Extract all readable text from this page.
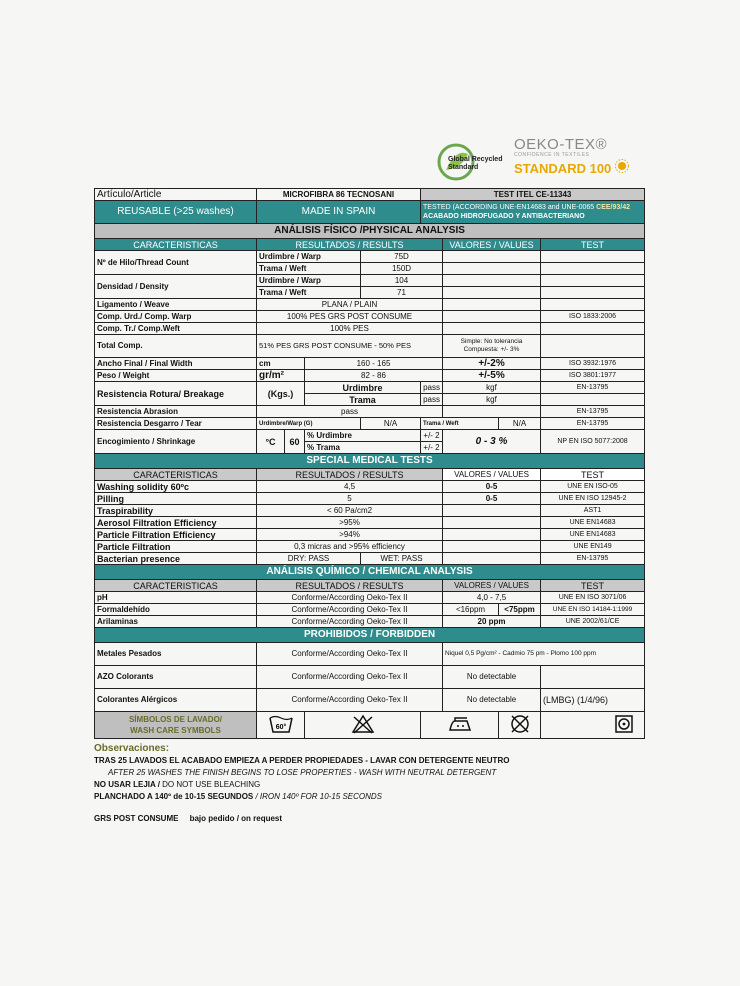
Global Recycled
Standard
OEKO-TEX®
CONFIDENCE IN TEXTILES
STANDARD 100
Artículo/Article	MICROFIBRA 86 TECNOSANI				TEST ITEL CE-11343			
REUSABLE (>25 washes)	MADE IN SPAIN				TESTED (ACCORDING UNE-EN14683 and UNE-0065 CEE/93/42
ACABADO HIDROFUGADO Y ANTIBACTERIANO			
ANÁLISIS FÍSICO /PHYSICAL ANALYSIS								
CARACTERISTICAS	RESULTADOS / RESULTS					VALORES / VALUES		TEST
Nº de Hilo/Thread Count	Urdimbre / Warp			75D				
	Trama / Weft			150D				
Densidad / Density	Urdimbre / Warp			104				
	Trama / Weft			71				
Ligamento / Weave	PLANA / PLAIN							
Comp. Urd./ Comp. Warp	100% PES GRS POST CONSUME							ISO 1833:2006
Comp. Tr./ Comp.Weft	100% PES							
Total Comp.	51% PES GRS POST CONSUME - 50% PES					Simple: No tolerancia
Compuesta: +/- 3%		
Ancho Final / Final Width	cm		160 - 165			+/-2%		ISO 3932:1976
Peso / Weight	gr/m²		82 - 86			+/-5%		ISO 3801:1977
Resistencia Rotura/ Breakage	(Kgs.)		Urdimbre		pass	kgf		EN-13795
			Trama		pass	kgf		
Resistencia Abrasion	pass							EN-13795
Resistencia Desgarro / Tear	Urdimbre/Warp (G)			N/A	Trama / Weft		N/A	EN-13795
Encogimiento / Shrinkage	°C	60	% Urdimbre		+/- 2	0 - 3 %		NP EN ISO 5077:2008
			% Trama		+/- 2			
SPECIAL MEDICAL TESTS								
CARACTERISTICAS	RESULTADOS / RESULTS					VALORES / VALUES		TEST
Washing solidity 60ºc	4,5					0-5		UNE EN ISO-05
Pilling	5					0-5		UNE EN ISO 12945-2
Traspirability	< 60 Pa/cm2							AST1
Aerosol Filtration Efficiency	>95%							UNE EN14683
Particle Filtration Efficiency	>94%							UNE EN14683
Particle Filtration	0,3 micras and >95% efficiency							UNE EN149
Bacterian presence	DRY: PASS			WET: PASS				EN-13795
ANÁLISIS QUÍMICO / CHEMICAL ANALYSIS								
CARACTERISTICAS	RESULTADOS / RESULTS					VALORES / VALUES		TEST
pH	Conforme/According Oeko-Tex II					4,0 - 7,5		UNE EN ISO 3071/06
Formaldehído	Conforme/According Oeko-Tex II					<16ppm	<75ppm	UNE EN ISO 14184-1:1999
Arilaminas	Conforme/According Oeko-Tex II					20 ppm		UNE 2002/61/CE
PROHIBIDOS / FORBIDDEN								
Metales Pesados	Conforme/According Oeko-Tex II					Niquel 0,5 Pg/cm² - Cadmio 75 pm - Plomo 100 ppm		
AZO Colorants	Conforme/According Oeko-Tex II					No detectable		
Colorantes Alérgicos	Conforme/According Oeko-Tex II					No detectable		(LMBG) (1/4/96)
SÍMBOLOS DE LAVADO/
WASH CARE SYMBOLS	60°

Observaciones:
TRAS 25 LAVADOS EL ACABADO EMPIEZA A PERDER PROPIEDADES - LAVAR CON DETERGENTE NEUTRO
AFTER 25 WASHES THE FINISH BEGINS TO LOSE PROPERTIES - WASH WITH NEUTRAL DETERGENT
NO USAR LEJIA / DO NOT USE BLEACHING
PLANCHADO A 140º de 10-15 SEGUNDOS / IRON 140º FOR 10-15 SECONDS
GRS POST CONSUME bajo pedido / on request
